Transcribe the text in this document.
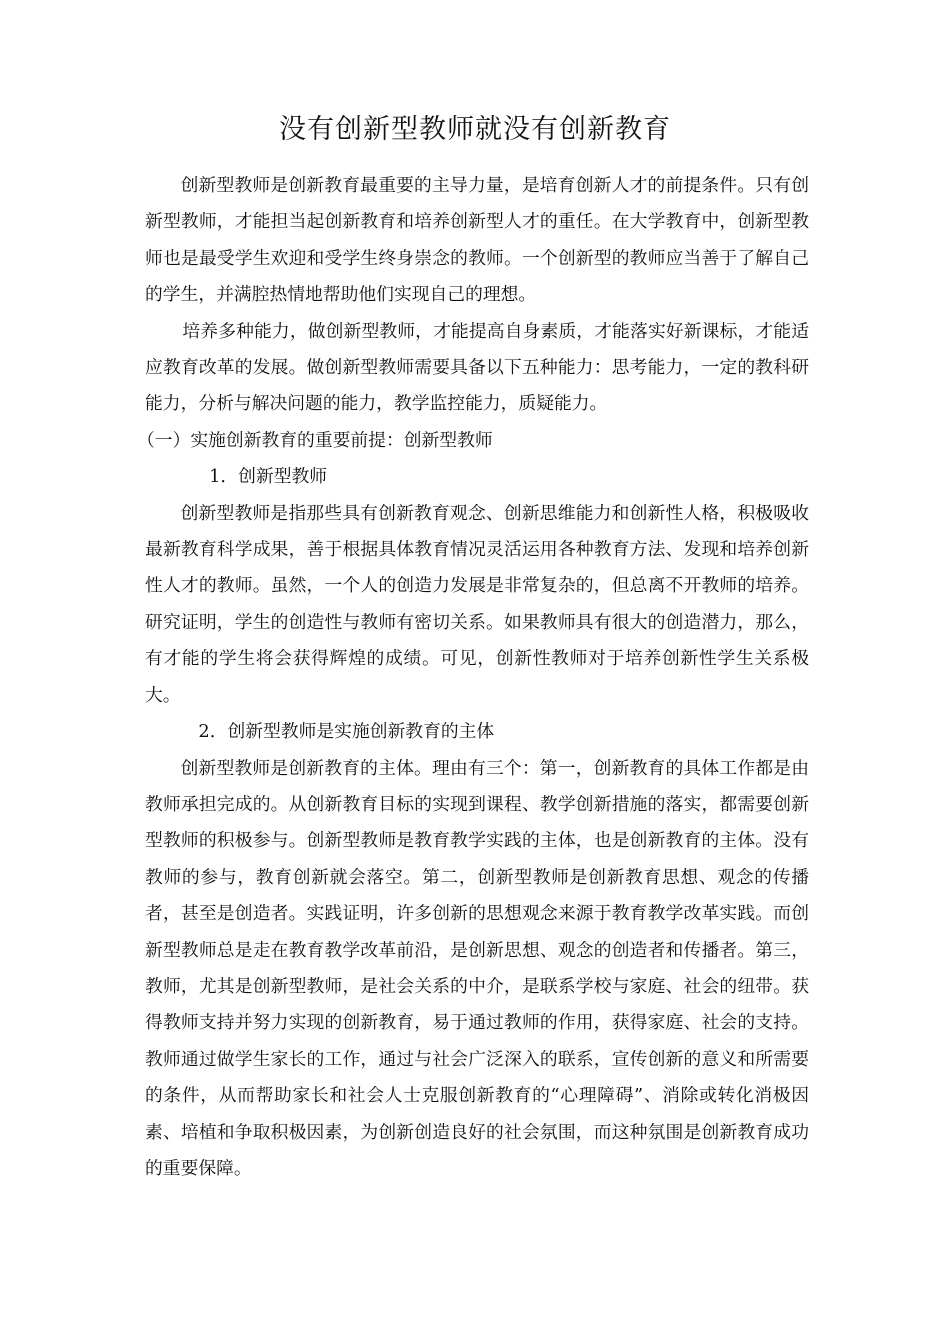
没有创新型教师就没有创新教育

创新型教师是创新教育最重要的主导力量，是培育创新人才的前提条件。只有创新型教师，才能担当起创新教育和培养创新型人才的重任。在大学教育中，创新型教师也是最受学生欢迎和受学生终身崇念的教师。一个创新型的教师应当善于了解自己的学生，并满腔热情地帮助他们实现自己的理想。

培养多种能力，做创新型教师，才能提高自身素质，才能落实好新课标，才能适应教育改革的发展。做创新型教师需要具备以下五种能力：思考能力，一定的教科研能力，分析与解决问题的能力，教学监控能力，质疑能力。

（一）实施创新教育的重要前提：创新型教师

1．创新型教师

创新型教师是指那些具有创新教育观念、创新思维能力和创新性人格，积极吸收最新教育科学成果，善于根据具体教育情况灵活运用各种教育方法、发现和培养创新性人才的教师。虽然，一个人的创造力发展是非常复杂的，但总离不开教师的培养。研究证明，学生的创造性与教师有密切关系。如果教师具有很大的创造潜力，那么，有才能的学生将会获得辉煌的成绩。可见，创新性教师对于培养创新性学生关系极大。

2．创新型教师是实施创新教育的主体

创新型教师是创新教育的主体。理由有三个：第一，创新教育的具体工作都是由教师承担完成的。从创新教育目标的实现到课程、教学创新措施的落实，都需要创新型教师的积极参与。创新型教师是教育教学实践的主体，也是创新教育的主体。没有教师的参与，教育创新就会落空。第二，创新型教师是创新教育思想、观念的传播者，甚至是创造者。实践证明，许多创新的思想观念来源于教育教学改革实践。而创新型教师总是走在教育教学改革前沿，是创新思想、观念的创造者和传播者。第三，教师，尤其是创新型教师，是社会关系的中介，是联系学校与家庭、社会的纽带。获得教师支持并努力实现的创新教育，易于通过教师的作用，获得家庭、社会的支持。教师通过做学生家长的工作，通过与社会广泛深入的联系，宣传创新的意义和所需要的条件，从而帮助家长和社会人士克服创新教育的“心理障碍”、消除或转化消极因素、培植和争取积极因素，为创新创造良好的社会氛围，而这种氛围是创新教育成功的重要保障。
